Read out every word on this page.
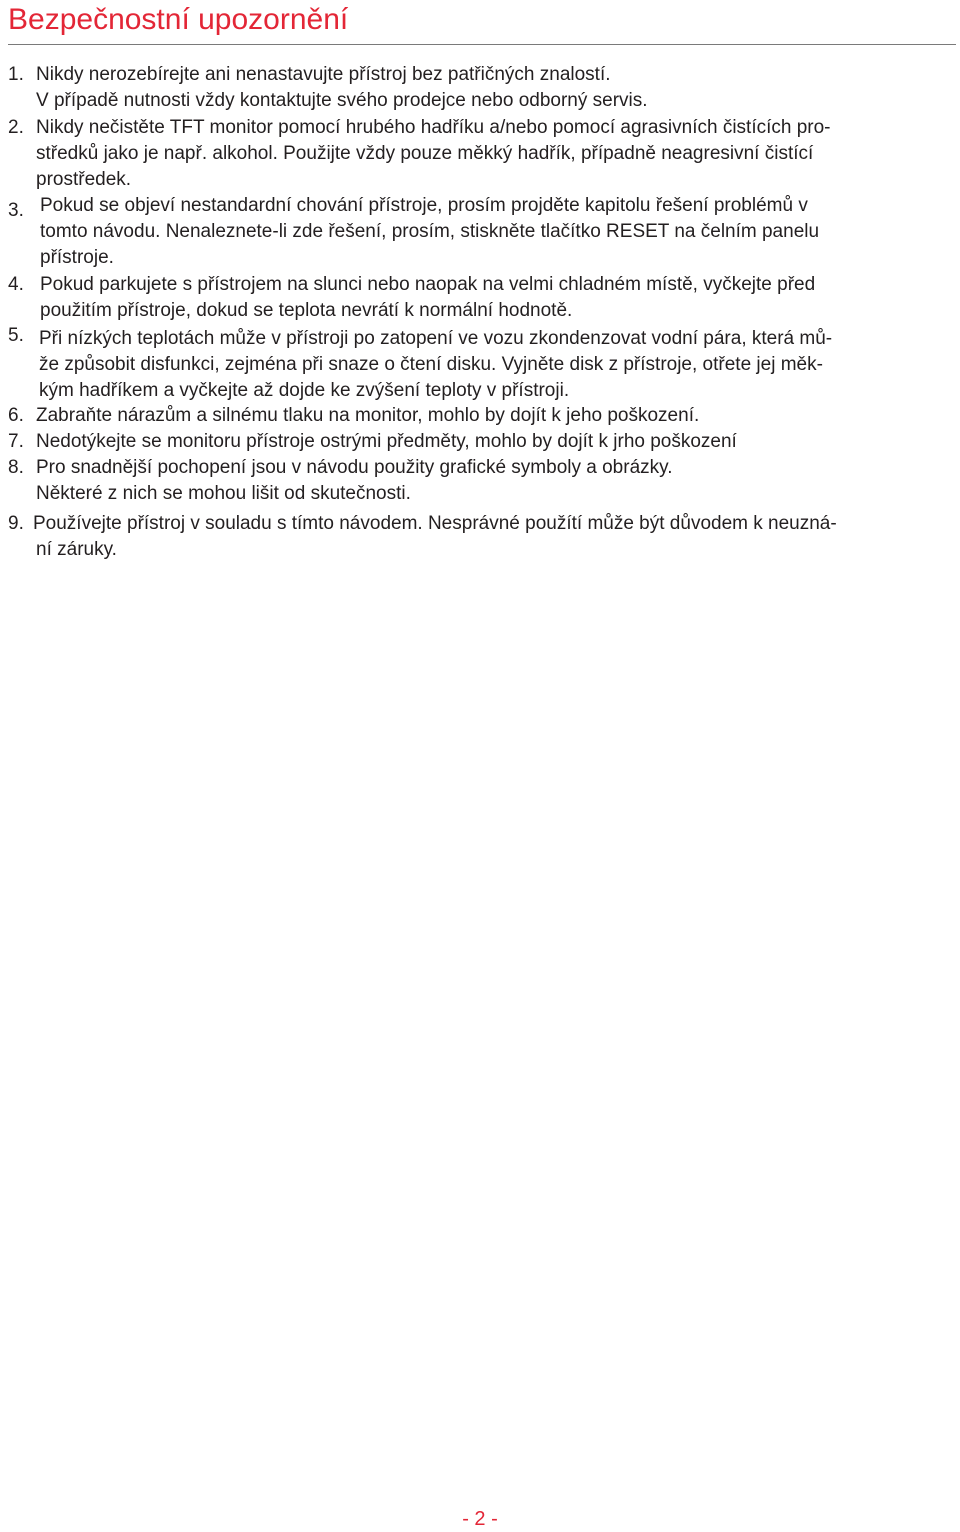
Bezpečnostní upozornění
1. Nikdy nerozebírejte ani nenastavujte přístroj bez patřičných znalostí.
V případě nutnosti vždy kontaktujte svého prodejce nebo odborný servis.
2. Nikdy nečistěte TFT monitor pomocí hrubého hadříku a/nebo pomocí agrasivních čistících pro-
středků jako je např. alkohol. Použijte vždy pouze měkký hadřík, případně neagresivní čistící
prostředek.
3. Pokud se objeví nestandardní chování přístroje, prosím projděte kapitolu řešení problémů v
tomto návodu. Nenaleznete-li zde řešení, prosím, stiskněte tlačítko RESET na čelním panelu
přístroje.
4. Pokud parkujete s přístrojem na slunci nebo naopak na velmi chladném místě, vyčkejte před
použitím přístroje, dokud se teplota nevrátí k normální hodnotě.
5. Při nízkých teplotách může v přístroji po zatopení ve vozu zkondenzovat vodní pára, která mů-
že způsobit disfunkci, zejména při snaze o čtení disku. Vyjněte disk z přístroje, otřete jej měk-
kým hadříkem a vyčkejte až dojde ke zvýšení teploty v přístroji.
6. Zabraňte nárazům a silnému tlaku na monitor, mohlo by dojít k jeho poškození.
7. Nedotýkejte se monitoru přístroje ostrými předměty, mohlo by dojít k jrho poškození
8. Pro snadnější pochopení jsou v návodu použity grafické symboly a obrázky.
Některé z nich se mohou lišit od skutečnosti.
9. Používejte přístroj v souladu s tímto návodem. Nesprávné použítí může být důvodem k neuzná-
ní záruky.
- 2 -
